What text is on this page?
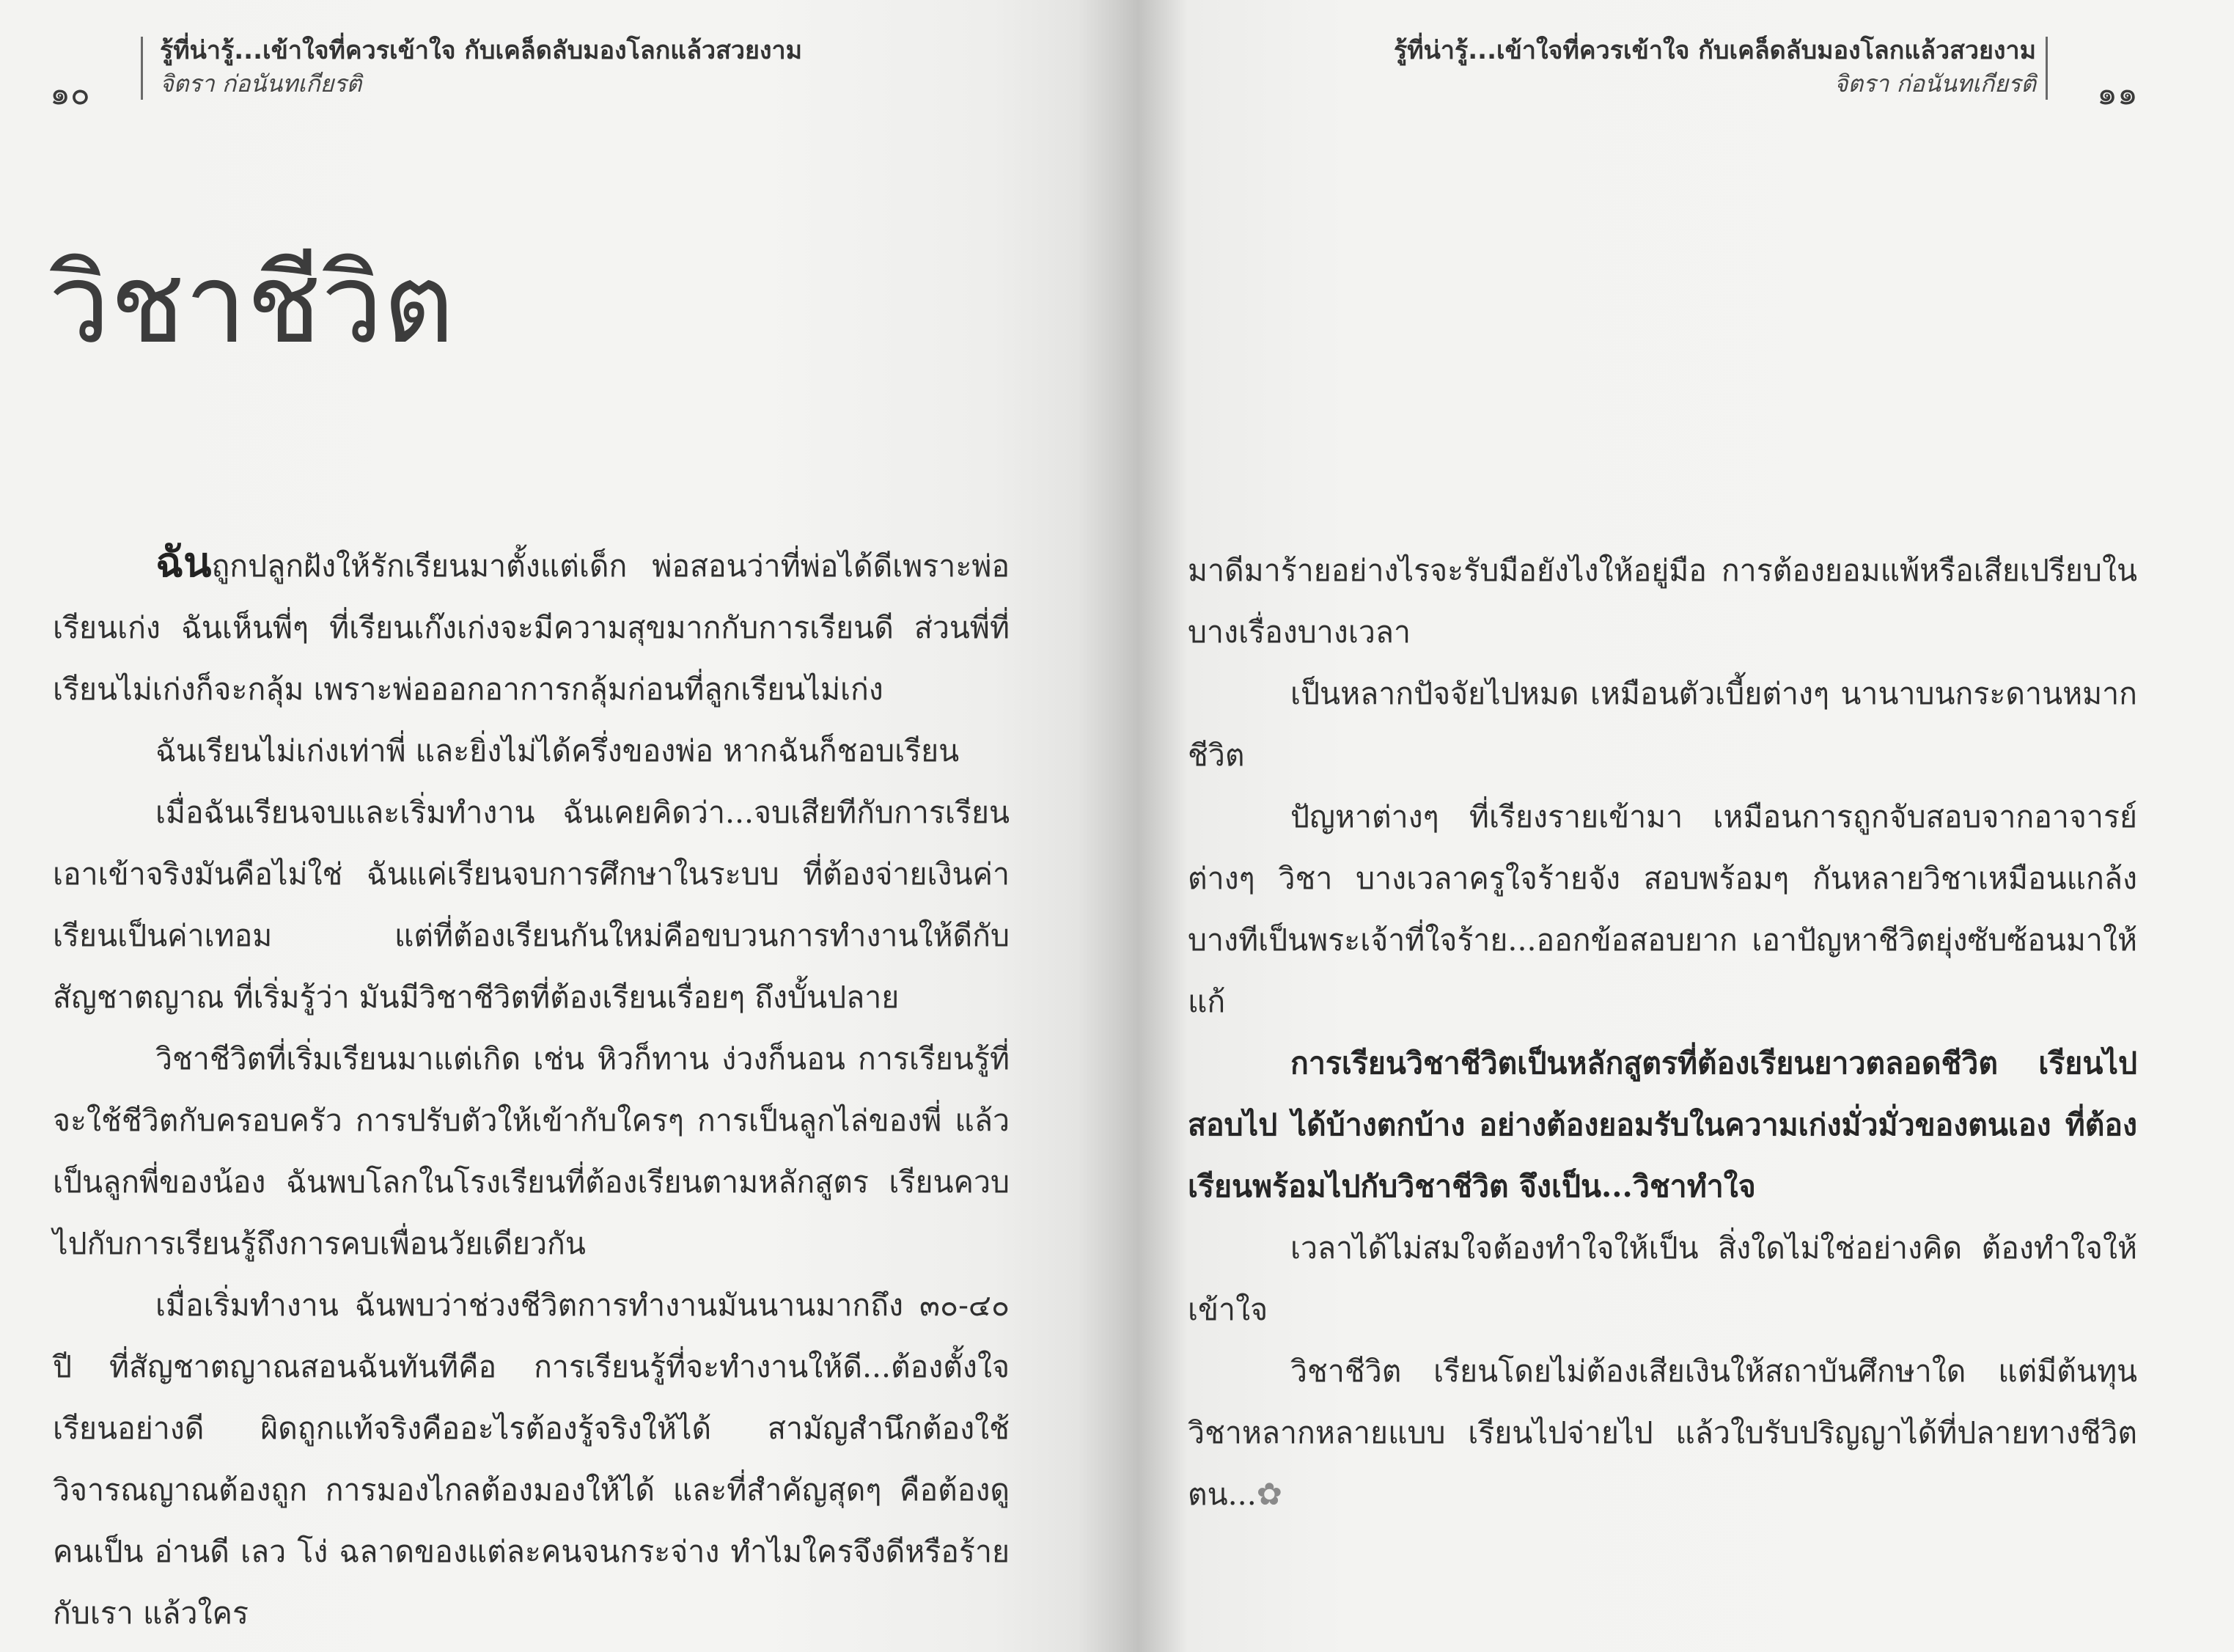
๑๐
รู้ที่น่ารู้...เข้าใจที่ควรเข้าใจ กับเคล็ดลับมองโลกแล้วสวยงาม
จิตรา ก่อนันทเกียรติ
วิชาชีวิต

ฉันถูกปลูกฝังให้รักเรียนมาตั้งแต่เด็ก พ่อสอนว่าที่พ่อได้ดีเพราะพ่อเรียนเก่ง ฉันเห็นพี่ๆ ที่เรียนเก๊งเก่งจะมีความสุขมากกับการเรียนดี ส่วนพี่ที่เรียนไม่เก่งก็จะกลุ้ม เพราะพ่อออกอาการกลุ้มก่อนที่ลูกเรียนไม่เก่ง

ฉันเรียนไม่เก่งเท่าพี่ และยิ่งไม่ได้ครึ่งของพ่อ หากฉันก็ชอบเรียน

เมื่อฉันเรียนจบและเริ่มทำงาน ฉันเคยคิดว่า...จบเสียทีกับการเรียน เอาเข้าจริงมันคือไม่ใช่ ฉันแค่เรียนจบการศึกษาในระบบ ที่ต้องจ่ายเงินค่าเรียนเป็นค่าเทอม แต่ที่ต้องเรียนกันใหม่คือขบวนการทำงานให้ดีกับสัญชาตญาณ ที่เริ่มรู้ว่า มันมีวิชาชีวิตที่ต้องเรียนเรื่อยๆ ถึงบั้นปลาย

วิชาชีวิตที่เริ่มเรียนมาแต่เกิด เช่น หิวก็ทาน ง่วงก็นอน การเรียนรู้ที่จะใช้ชีวิตกับครอบครัว การปรับตัวให้เข้ากับใครๆ การเป็นลูกไล่ของพี่ แล้วเป็นลูกพี่ของน้อง ฉันพบโลกในโรงเรียนที่ต้องเรียนตามหลักสูตร เรียนควบไปกับการเรียนรู้ถึงการคบเพื่อนวัยเดียวกัน

เมื่อเริ่มทำงาน ฉันพบว่าช่วงชีวิตการทำงานมันนานมากถึง ๓๐-๔๐ ปี ที่สัญชาตญาณสอนฉันทันทีคือ การเรียนรู้ที่จะทำงานให้ดี...ต้องตั้งใจเรียนอย่างดี ผิดถูกแท้จริงคืออะไรต้องรู้จริงให้ได้ สามัญสำนึกต้องใช้ วิจารณญาณต้องถูก การมองไกลต้องมองให้ได้ และที่สำคัญสุดๆ คือต้องดูคนเป็น อ่านดี เลว โง่ ฉลาดของแต่ละคนจนกระจ่าง ทำไมใครจึงดีหรือร้ายกับเรา แล้วใคร

รู้ที่น่ารู้...เข้าใจที่ควรเข้าใจ กับเคล็ดลับมองโลกแล้วสวยงาม
จิตรา ก่อนันทเกียรติ ๑๑

มาดีมาร้ายอย่างไรจะรับมือยังไงให้อยู่มือ การต้องยอมแพ้หรือเสียเปรียบในบางเรื่องบางเวลา

เป็นหลากปัจจัยไปหมด เหมือนตัวเบี้ยต่างๆ นานาบนกระดานหมากชีวิต

ปัญหาต่างๆ ที่เรียงรายเข้ามา เหมือนการถูกจับสอบจากอาจารย์ต่างๆ วิชา บางเวลาครูใจร้ายจัง สอบพร้อมๆ กันหลายวิชาเหมือนแกล้ง บางทีเป็นพระเจ้าที่ใจร้าย...ออกข้อสอบยาก เอาปัญหาชีวิตยุ่งซับซ้อนมาให้แก้

การเรียนวิชาชีวิตเป็นหลักสูตรที่ต้องเรียนยาวตลอดชีวิต เรียนไปสอบไป ได้บ้างตกบ้าง อย่างต้องยอมรับในความเก่งมั่วมั่วของตนเอง ที่ต้องเรียนพร้อมไปกับวิชาชีวิต จึงเป็น...วิชาทำใจ

เวลาได้ไม่สมใจต้องทำใจให้เป็น สิ่งใดไม่ใช่อย่างคิด ต้องทำใจให้เข้าใจ

วิชาชีวิต เรียนโดยไม่ต้องเสียเงินให้สถาบันศึกษาใด แต่มีต้นทุนวิชาหลากหลายแบบ เรียนไปจ่ายไป แล้วใบรับปริญญาได้ที่ปลายทางชีวิตตน...✿
